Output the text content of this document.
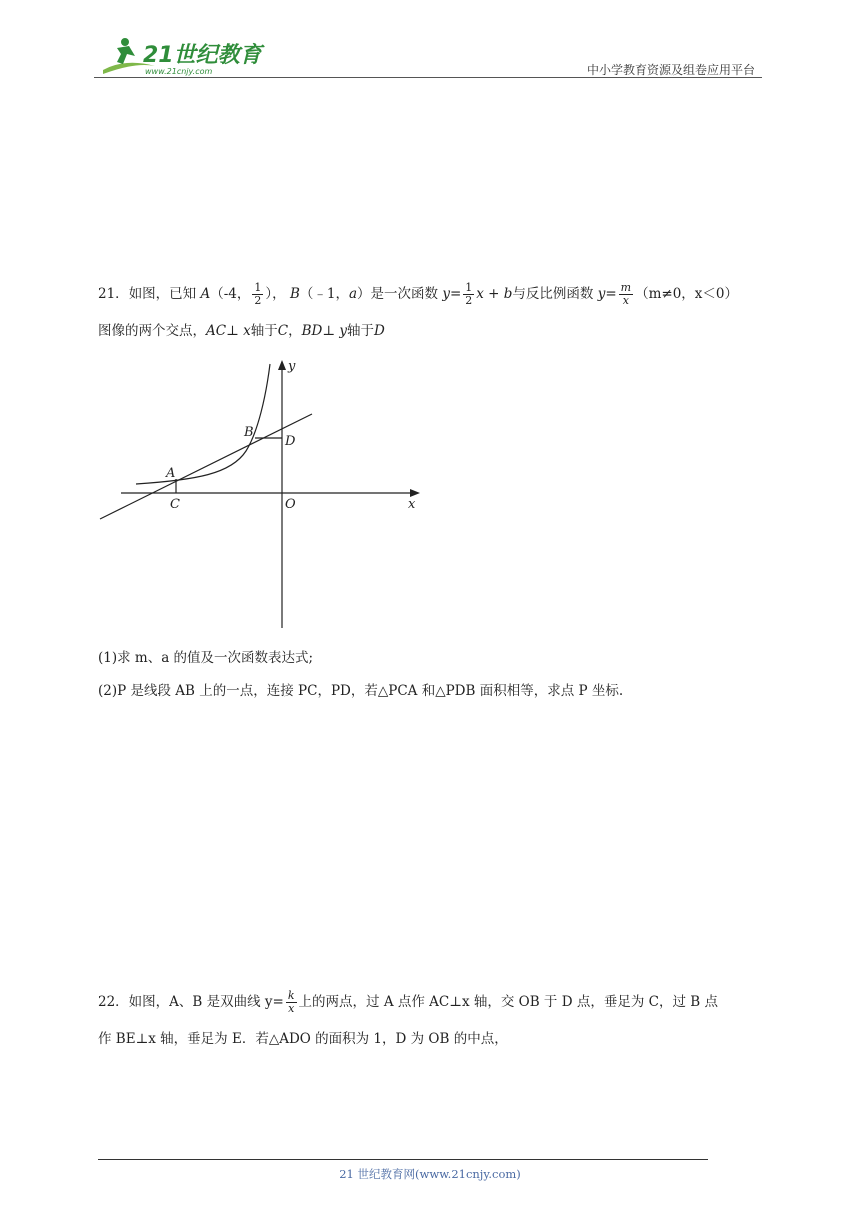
21世纪教育
www.21cnjy.com	中小学教育资源及组卷应用平台
21．如图，已知 A（-4， $\frac{1}{2}$ ）， B（﹣1，a）是一次函数 $y= \frac{1}{2}$ x + b与反比例函数 $y= \frac{m}{x} (m\ne 0$，x＜0）
图像的两个交点，AC⊥ x轴于C，BD⊥ y轴于D
y
x
B
D
A
C	O
(1)求 m、a 的值及一次函数表达式;
(2)P 是线段 AB 上的一点，连接 PC，PD，若△PCA 和△PDB 面积相等，求点 P 坐标.
22．如图，A、B 是双曲线 $y= \frac{k}{x}$ 上的两点，过 A 点作 AC⊥x 轴，交 OB 于 D 点，垂足为 C，过 B 点
作 BE⊥x 轴，垂足为 E．若△ADO 的面积为 1，D 为 OB 的中点，
21 世纪教育网(www.21cnjy.com)
